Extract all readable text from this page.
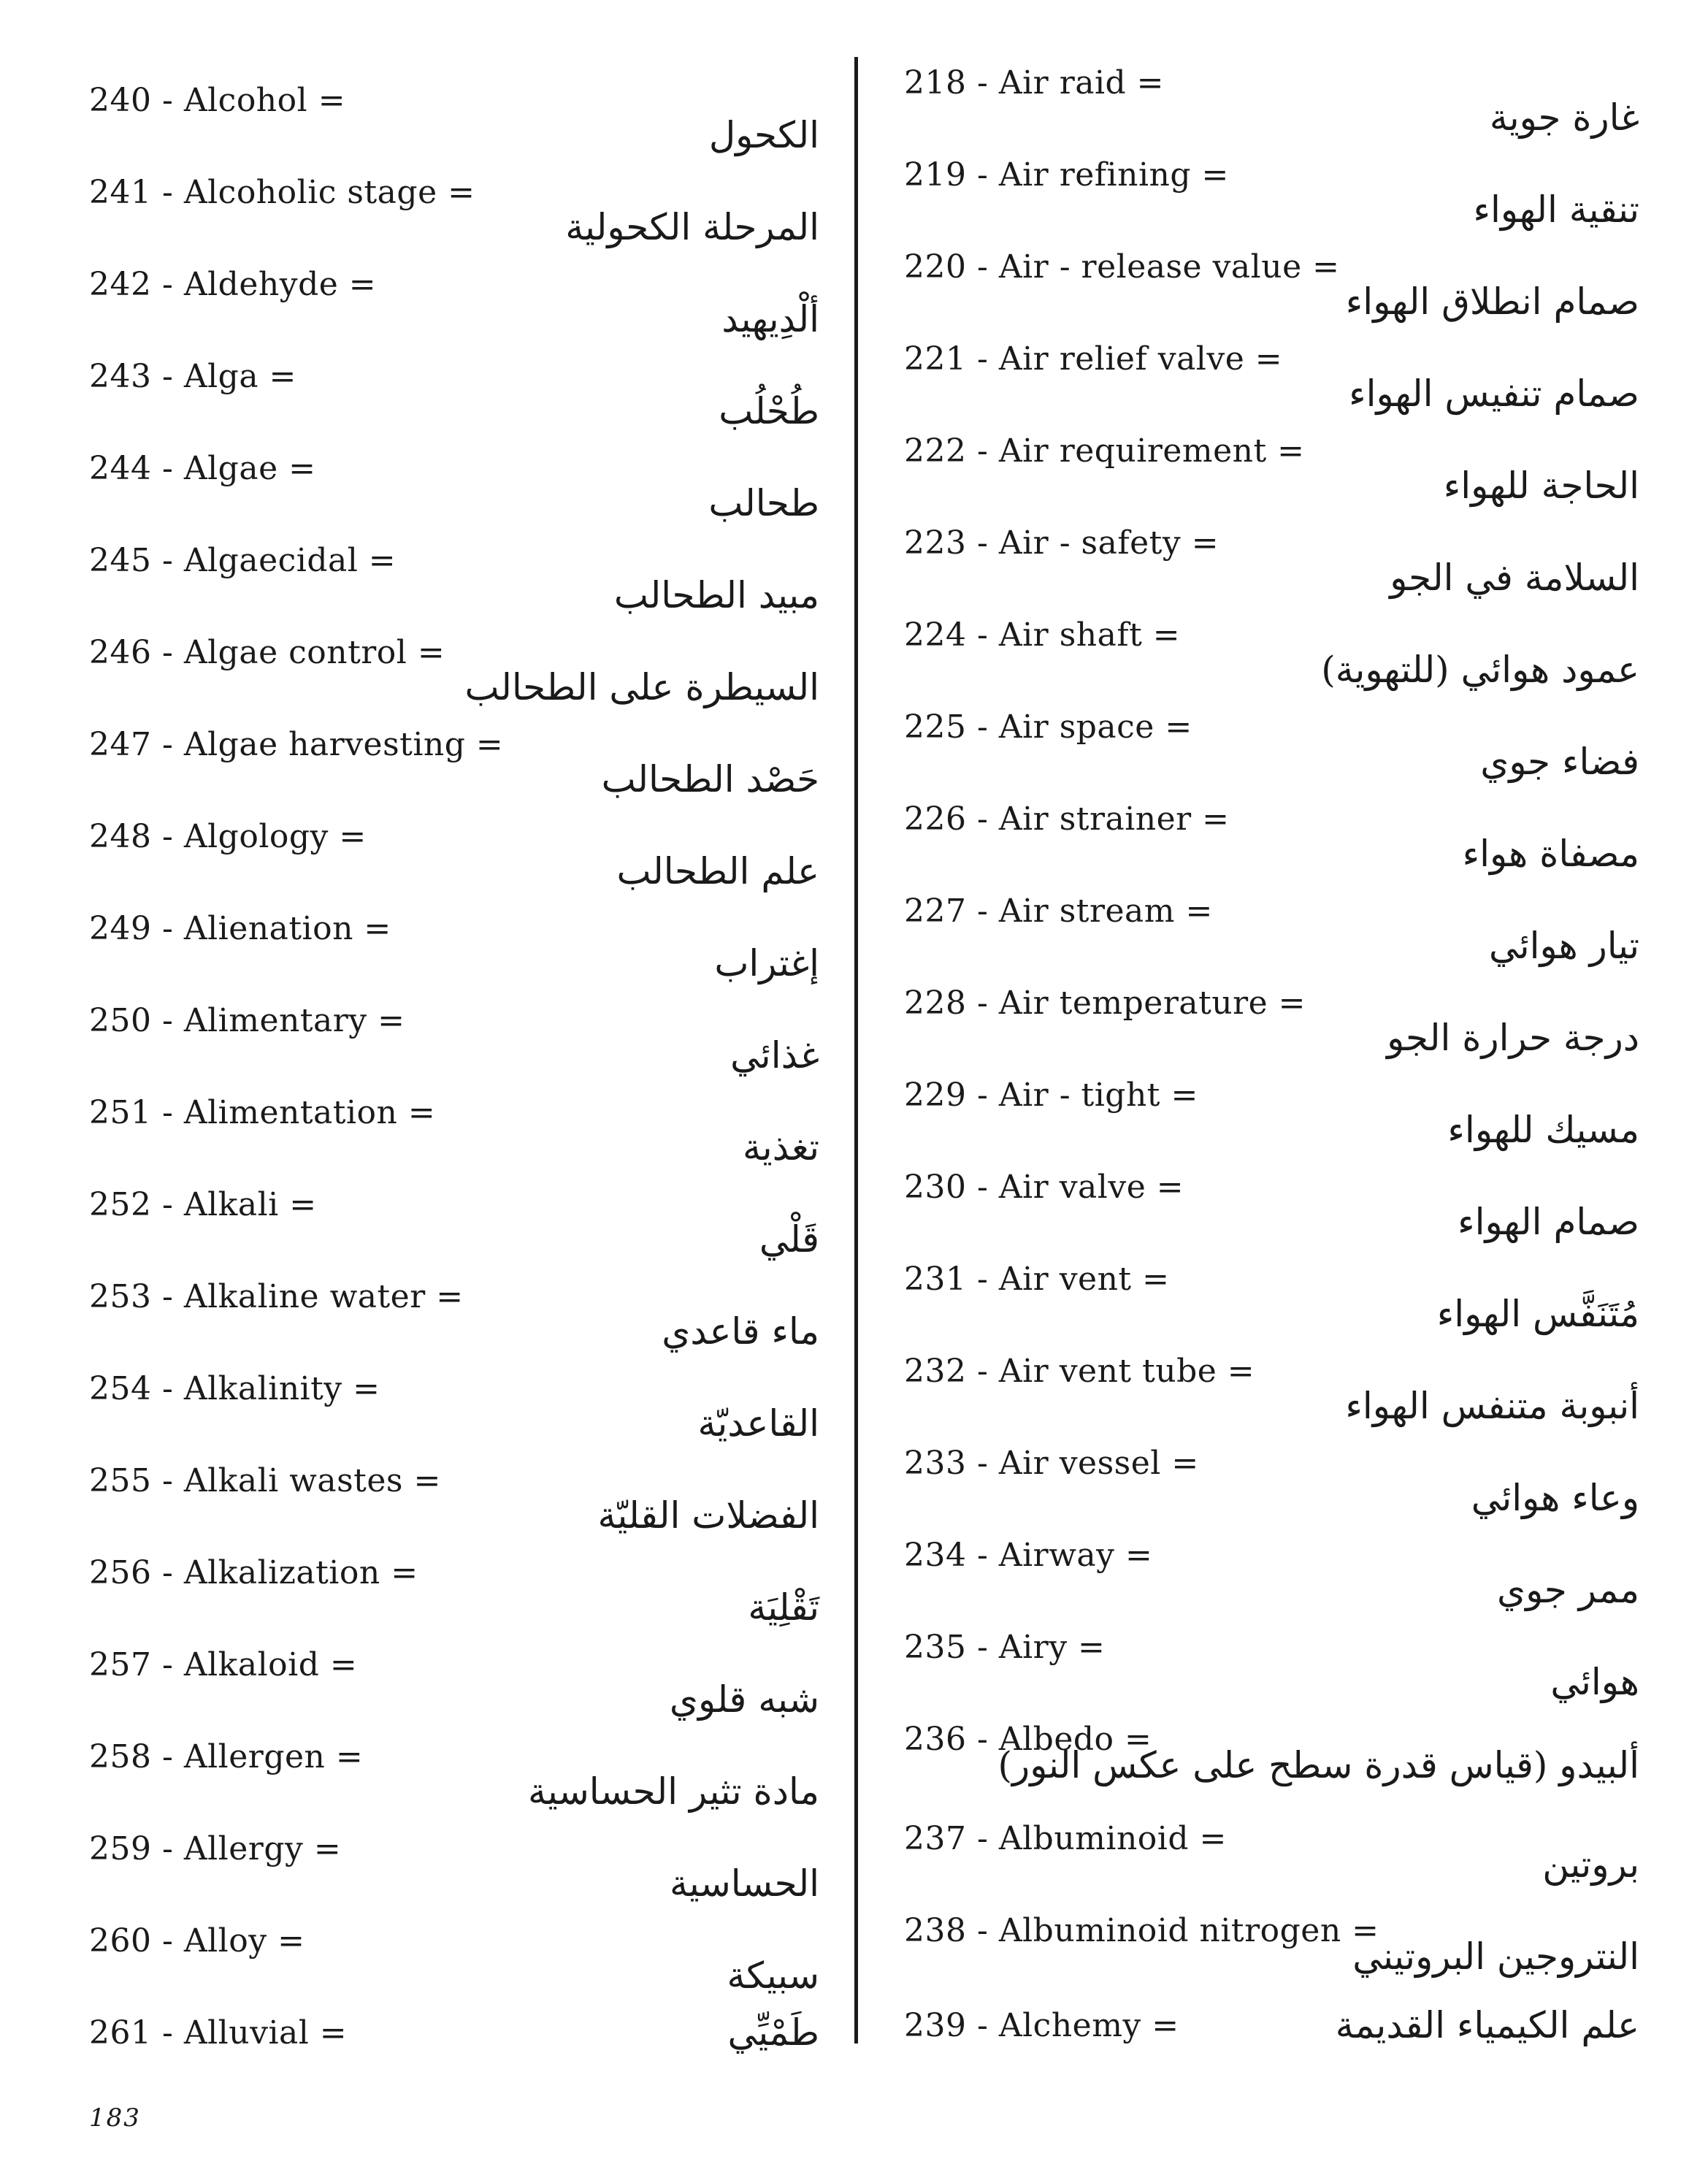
240 - Alcohol =
الكحول
241 - Alcoholic stage =
المرحلة الكحولية
242 - Aldehyde =
ألْدِيهيد
243 - Alga =
طُحْلُب
244 - Algae =
طحالب
245 - Algaecidal =
مبيد الطحالب
246 - Algae control =
السيطرة على الطحالب
247 - Algae harvesting =
حَصْد الطحالب
248 - Algology =
علم الطحالب
249 - Alienation =
إغتراب
250 - Alimentary =
غذائي
251 - Alimentation =
تغذية
252 - Alkali =
قَلْي
253 - Alkaline water =
ماء قاعدي
254 - Alkalinity =
القاعديّة
255 - Alkali wastes =
الفضلات القليّة
256 - Alkalization =
تَقْلِيَة
257 - Alkaloid =
شبه قلوي
258 - Allergen =
مادة تثير الحساسية
259 - Allergy =
الحساسية
260 - Alloy =
سبيكة
261 - Alluvial =	طَمْيِّي
218 - Air raid =
غارة جوية
219 - Air refining =
تنقية الهواء
220 - Air - release value =
صمام انطلاق الهواء
221 - Air relief valve =
صمام تنفيس الهواء
222 - Air requirement =
الحاجة للهواء
223 - Air - safety =
السلامة في الجو
224 - Air shaft =
عمود هوائي (للتهوية)
225 - Air space =
فضاء جوي
226 - Air strainer =
مصفاة هواء
227 - Air stream =
تيار هوائي
228 - Air temperature =
درجة حرارة الجو
229 - Air - tight =
مسيك للهواء
230 - Air valve =
صمام الهواء
231 - Air vent =
مُتَنَفَّس الهواء
232 - Air vent tube =
أنبوبة متنفس الهواء
233 - Air vessel =
وعاء هوائي
234 - Airway =
ممر جوي
235 - Airy =
هوائي
236 - Albedo =
ألبيدو (قياس قدرة سطح على عكس النور)
237 - Albuminoid =
بروتين
238 - Albuminoid nitrogen =
النتروجين البروتيني
239 - Alchemy =	علم الكيمياء القديمة
183
